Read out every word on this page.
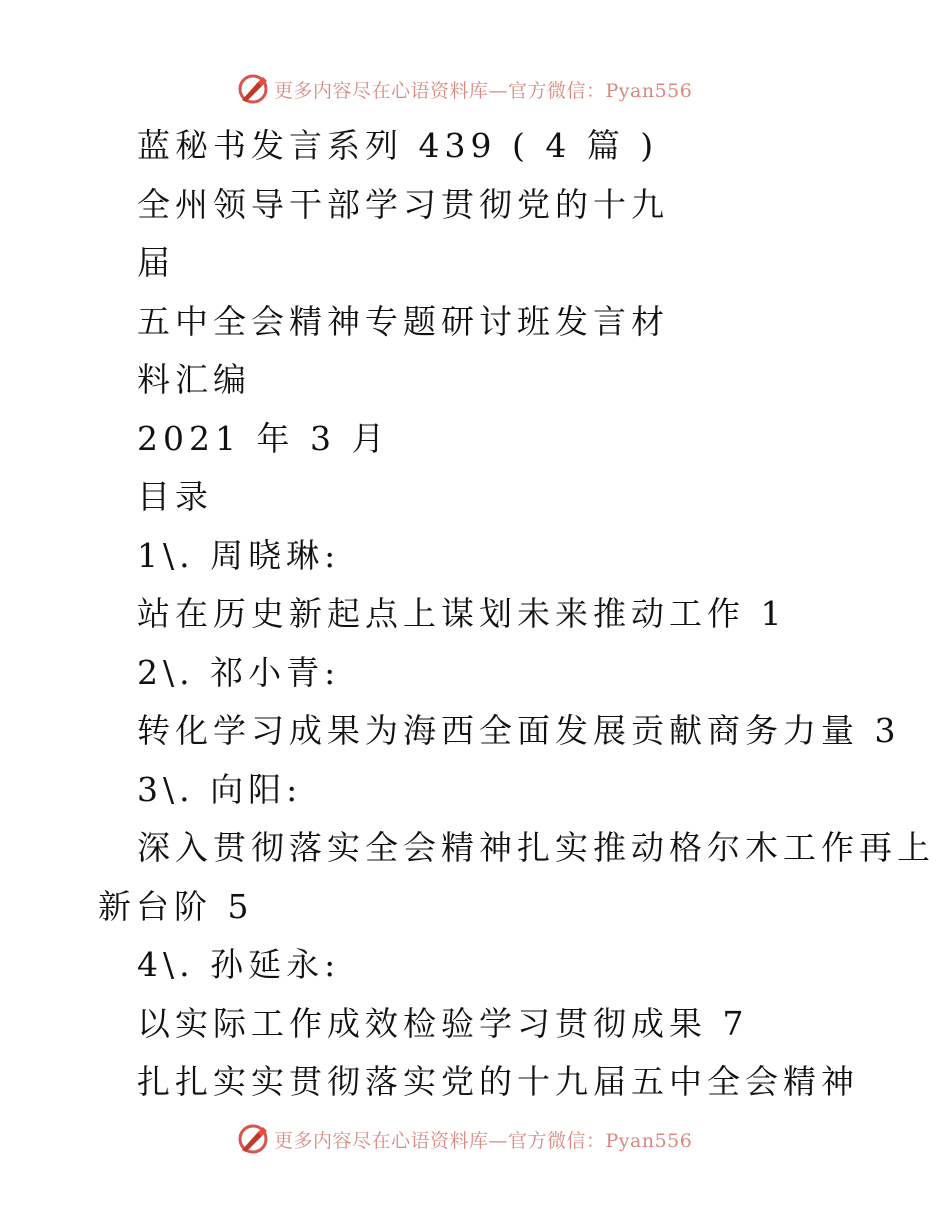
更多内容尽在心语资料库—官方微信：Pyan556
蓝秘书发言系列 439 ( 4 篇 )
全州领导干部学习贯彻党的十九
届
五中全会精神专题研讨班发言材
料汇编
2021 年 3 月
目录
1\. 周晓琳:
站在历史新起点上谋划未来推动工作 1
2\. 祁小青:
转化学习成果为海西全面发展贡献商务力量 3
3\. 向阳:
深入贯彻落实全会精神扎实推动格尔木工作再上
新台阶 5
4\. 孙延永:
以实际工作成效检验学习贯彻成果 7
扎扎实实贯彻落实党的十九届五中全会精神
更多内容尽在心语资料库—官方微信：Pyan556
